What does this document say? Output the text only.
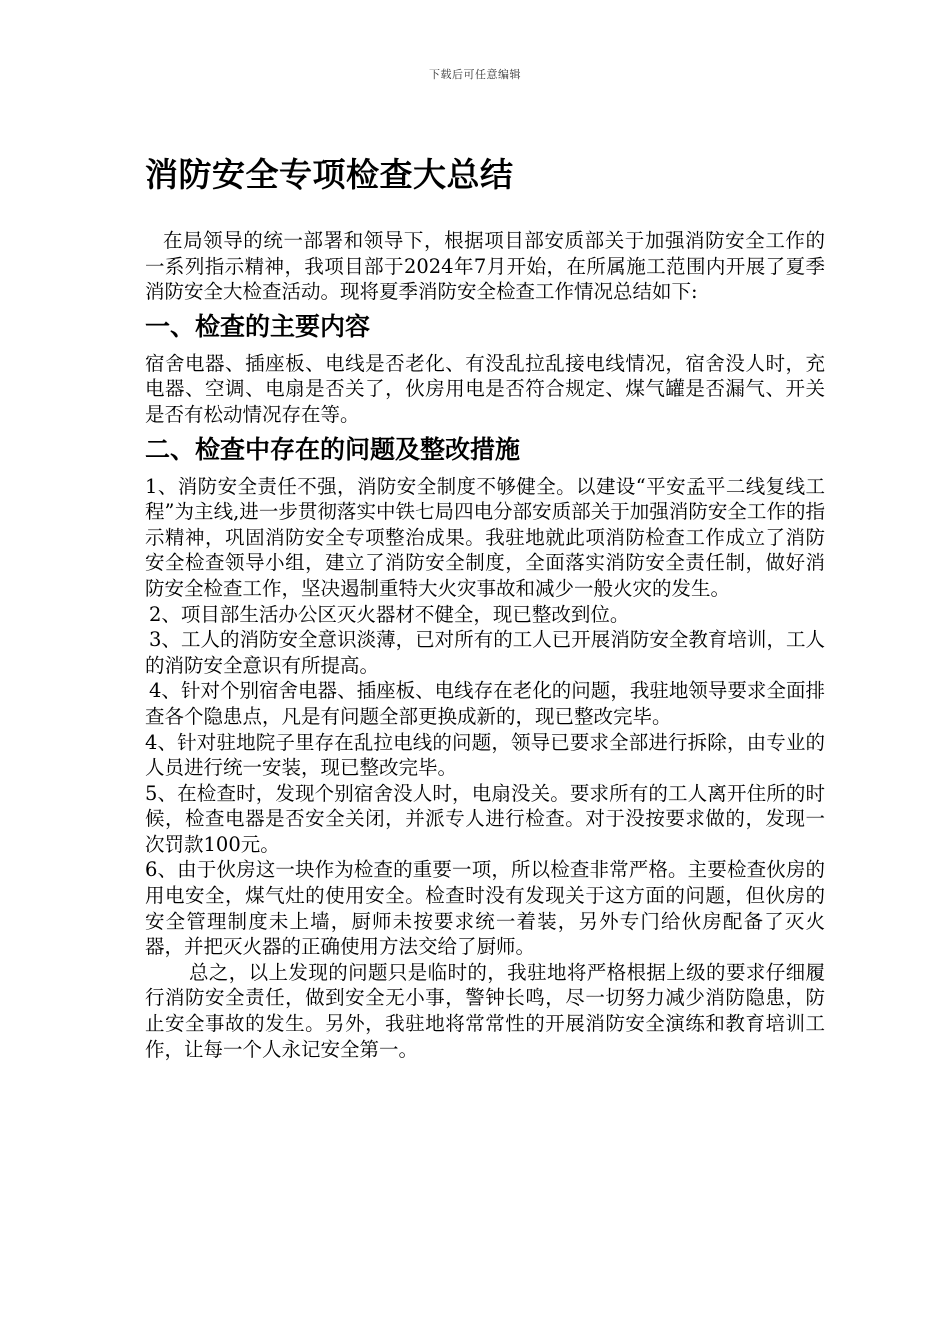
下载后可任意编辑
消防安全专项检查大总结

在局领导的统一部署和领导下，根据项目部安质部关于加强消防安全工作的一系列指示精神，我项目部于2024年7月开始，在所属施工范围内开展了夏季消防安全大检查活动。现将夏季消防安全检查工作情况总结如下:

一、检查的主要内容

宿舍电器、插座板、电线是否老化、有没乱拉乱接电线情况，宿舍没人时，充电器、空调、电扇是否关了，伙房用电是否符合规定、煤气罐是否漏气、开关是否有松动情况存在等。

二、检查中存在的问题及整改措施

1、消防安全责任不强，消防安全制度不够健全。以建设“平安孟平二线复线工程”为主线,进一步贯彻落实中铁七局四电分部安质部关于加强消防安全工作的指示精神，巩固消防安全专项整治成果。我驻地就此项消防检查工作成立了消防安全检查领导小组，建立了消防安全制度，全面落实消防安全责任制，做好消防安全检查工作，坚决遏制重特大火灾事故和减少一般火灾的发生。

2、项目部生活办公区灭火器材不健全，现已整改到位。

3、工人的消防安全意识淡薄，已对所有的工人已开展消防安全教育培训，工人的消防安全意识有所提高。

4、针对个别宿舍电器、插座板、电线存在老化的问题，我驻地领导要求全面排查各个隐患点，凡是有问题全部更换成新的，现已整改完毕。

4、针对驻地院子里存在乱拉电线的问题，领导已要求全部进行拆除，由专业的人员进行统一安装，现已整改完毕。

5、在检查时，发现个别宿舍没人时，电扇没关。要求所有的工人离开住所的时候，检查电器是否安全关闭，并派专人进行检查。对于没按要求做的，发现一次罚款100元。

6、由于伙房这一块作为检查的重要一项，所以检查非常严格。主要检查伙房的用电安全，煤气灶的使用安全。检查时没有发现关于这方面的问题，但伙房的安全管理制度未上墙，厨师未按要求统一着装，另外专门给伙房配备了灭火器，并把灭火器的正确使用方法交给了厨师。

总之，以上发现的问题只是临时的，我驻地将严格根据上级的要求仔细履行消防安全责任，做到安全无小事，警钟长鸣，尽一切努力减少消防隐患，防止安全事故的发生。另外，我驻地将常常性的开展消防安全演练和教育培训工作，让每一个人永记安全第一。
